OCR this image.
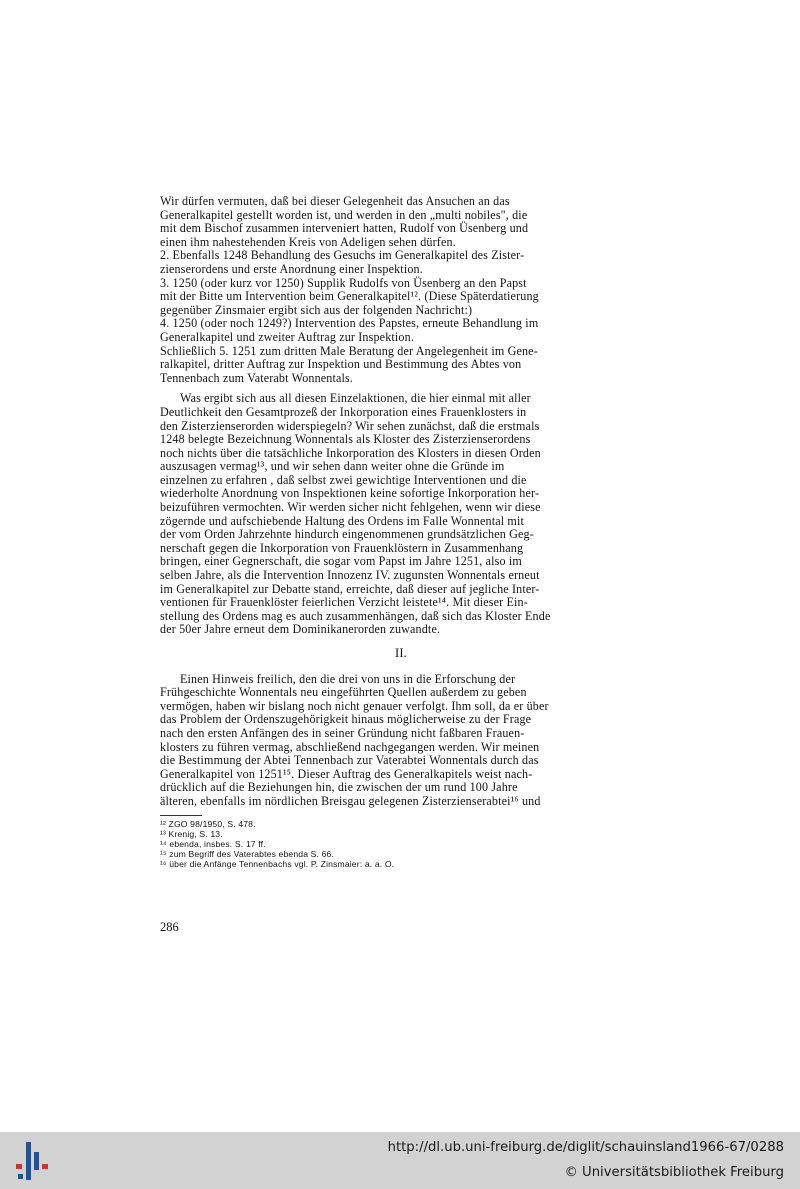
Wir dürfen vermuten, daß bei dieser Gelegenheit das Ansuchen an das
Generalkapitel gestellt worden ist, und werden in den „multi nobiles", die
mit dem Bischof zusammen interveniert hatten, Rudolf von Üsenberg und
einen ihm nahestehenden Kreis von Adeligen sehen dürfen.
2. Ebenfalls 1248 Behandlung des Gesuchs im Generalkapitel des Zister-
zienserordens und erste Anordnung einer Inspektion.
3. 1250 (oder kurz vor 1250) Supplik Rudolfs von Üsenberg an den Papst
mit der Bitte um Intervention beim Generalkapitel¹². (Diese Späterdatierung
gegenüber Zinsmaier ergibt sich aus der folgenden Nachricht:)
4. 1250 (oder noch 1249?) Intervention des Papstes, erneute Behandlung im
Generalkapitel und zweiter Auftrag zur Inspektion.
Schließlich 5. 1251 zum dritten Male Beratung der Angelegenheit im Gene-
ralkapitel, dritter Auftrag zur Inspektion und Bestimmung des Abtes von
Tennenbach zum Vaterabt Wonnentals.
Was ergibt sich aus all diesen Einzelaktionen, die hier einmal mit aller
Deutlichkeit den Gesamtprozeß der Inkorporation eines Frauenklosters in
den Zisterzienserorden widerspiegeln? Wir sehen zunächst, daß die erstmals
1248 belegte Bezeichnung Wonnentals als Kloster des Zisterzienserordens
noch nichts über die tatsächliche Inkorporation des Klosters in diesen Orden
auszusagen vermag¹³, und wir sehen dann weiter ohne die Gründe im
einzelnen zu erfahren , daß selbst zwei gewichtige Interventionen und die
wiederholte Anordnung von Inspektionen keine sofortige Inkorporation her-
beizuführen vermochten. Wir werden sicher nicht fehlgehen, wenn wir diese
zögernde und aufschiebende Haltung des Ordens im Falle Wonnental mit
der vom Orden Jahrzehnte hindurch eingenommenen grundsätzlichen Geg-
nerschaft gegen die Inkorporation von Frauenklöstern in Zusammenhang
bringen, einer Gegnerschaft, die sogar vom Papst im Jahre 1251, also im
selben Jahre, als die Intervention Innozenz IV. zugunsten Wonnentals erneut
im Generalkapitel zur Debatte stand, erreichte, daß dieser auf jegliche Inter-
ventionen für Frauenklöster feierlichen Verzicht leistete¹⁴. Mit dieser Ein-
stellung des Ordens mag es auch zusammenhängen, daß sich das Kloster Ende
der 50er Jahre erneut dem Dominikanerorden zuwandte.
II.
Einen Hinweis freilich, den die drei von uns in die Erforschung der
Frühgeschichte Wonnentals neu eingeführten Quellen außerdem zu geben
vermögen, haben wir bislang noch nicht genauer verfolgt. Ihm soll, da er über
das Problem der Ordenszugehörigkeit hinaus möglicherweise zu der Frage
nach den ersten Anfängen des in seiner Gründung nicht faßbaren Frauen-
klosters zu führen vermag, abschließend nachgegangen werden. Wir meinen
die Bestimmung der Abtei Tennenbach zur Vaterabtei Wonnentals durch das
Generalkapitel von 1251¹⁵. Dieser Auftrag des Generalkapitels weist nach-
drücklich auf die Beziehungen hin, die zwischen der um rund 100 Jahre
älteren, ebenfalls im nördlichen Breisgau gelegenen Zisterzienserabtei¹⁶ und
¹² ZGO 98/1950, S. 478.
¹³ Krenig, S. 13.
¹⁴ ebenda, insbes. S. 17 ff.
¹⁵ zum Begriff des Vaterabtes ebenda S. 66.
¹⁶ über die Anfänge Tennenbachs vgl. P. Zinsmaier: a. a. O.
286
http://dl.ub.uni-freiburg.de/diglit/schauinsland1966-67/0288
© Universitätsbibliothek Freiburg
